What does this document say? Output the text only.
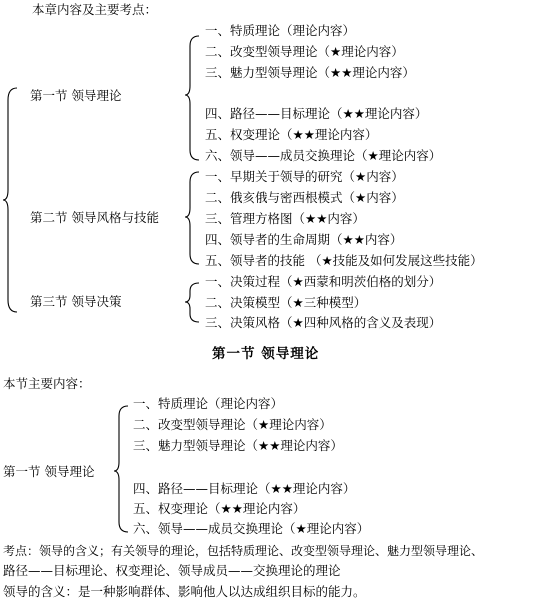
本章内容及主要考点：
第一节 领导理论
一、特质理论（理论内容）
二、改变型领导理论（★理论内容）
三、魅力型领导理论（★★理论内容）
四、路径——目标理论（★★理论内容）
五、权变理论（★★理论内容）
六、领导——成员交换理论（★理论内容）
第二节 领导风格与技能
一、早期关于领导的研究（★内容）
二、俄亥俄与密西根模式（★内容）
三、管理方格图（★★内容）
四、领导者的生命周期（★★内容）
五、领导者的技能 （★技能及如何发展这些技能）
第三节 领导决策
一、决策过程（★西蒙和明茨伯格的划分）
二、决策模型（★三种模型）
三、决策风格（★四种风格的含义及表现）
第一节 领导理论
本节主要内容：
第一节 领导理论
一、特质理论（理论内容）
二、改变型领导理论（★理论内容）
三、魅力型领导理论（★★理论内容）
四、路径——目标理论（★★理论内容）
五、权变理论（★★理论内容）
六、领导——成员交换理论（★理论内容）
考点：领导的含义；有关领导的理论，包括特质理论、改变型领导理论、魅力型领导理论、
路径——目标理论、权变理论、领导成员——交换理论的理论
领导的含义：是一种影响群体、影响他人以达成组织目标的能力。
